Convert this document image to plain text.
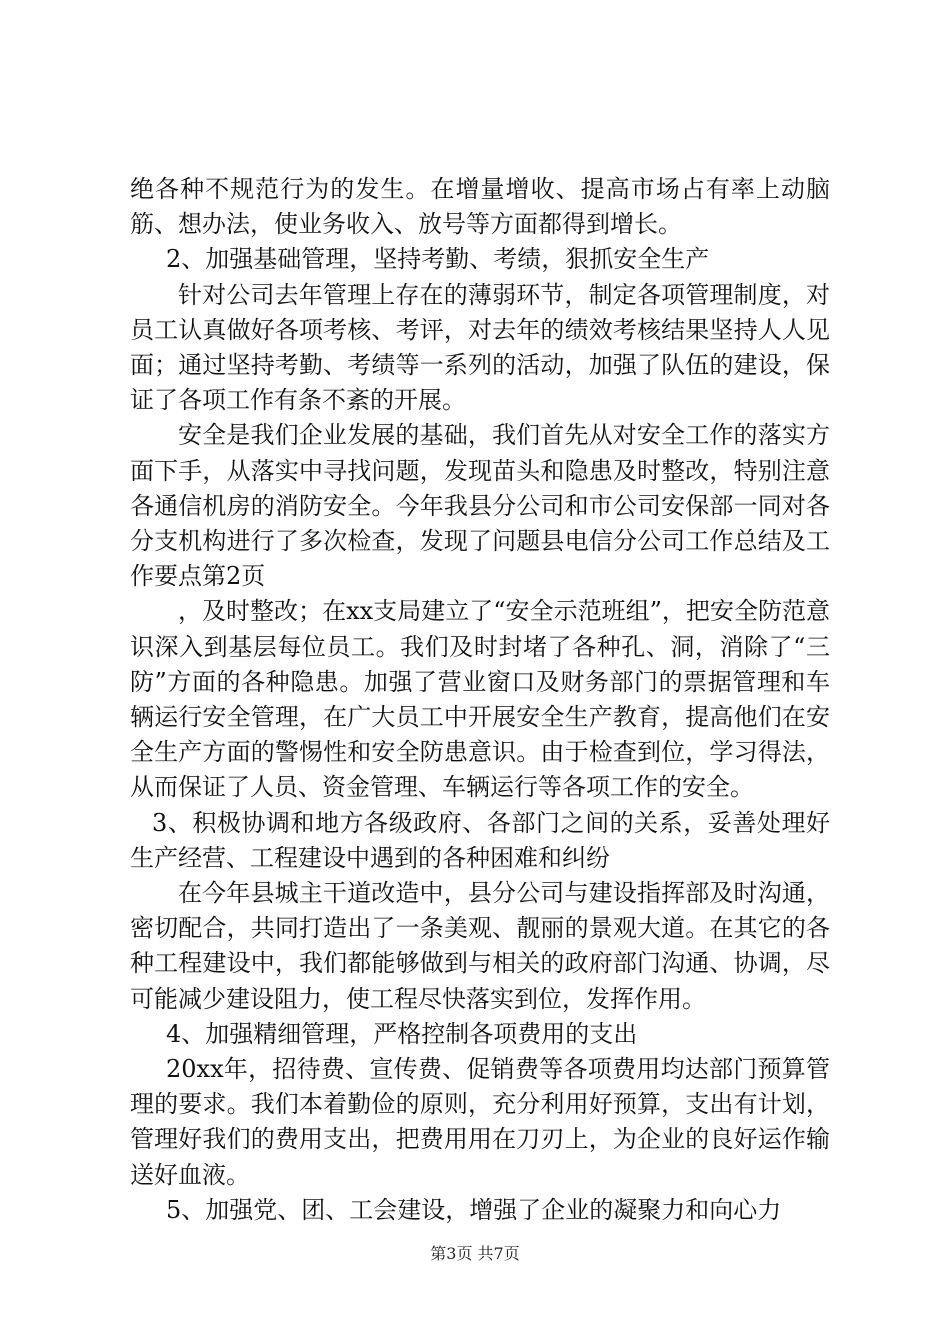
绝各种不规范行为的发生。在增量增收、提高市场占有率上动脑筋、想办法，使业务收入、放号等方面都得到增长。

2、加强基础管理，坚持考勤、考绩，狠抓安全生产

针对公司去年管理上存在的薄弱环节，制定各项管理制度，对员工认真做好各项考核、考评，对去年的绩效考核结果坚持人人见面；通过坚持考勤、考绩等一系列的活动，加强了队伍的建设，保证了各项工作有条不紊的开展。

安全是我们企业发展的基础，我们首先从对安全工作的落实方面下手，从落实中寻找问题，发现苗头和隐患及时整改，特别注意各通信机房的消防安全。今年我县分公司和市公司安保部一同对各分支机构进行了多次检查，发现了问题县电信分公司工作总结及工作要点第2页

，及时整改；在xx支局建立了“安全示范班组”，把安全防范意识深入到基层每位员工。我们及时封堵了各种孔、洞，消除了“三防”方面的各种隐患。加强了营业窗口及财务部门的票据管理和车辆运行安全管理，在广大员工中开展安全生产教育，提高他们在安全生产方面的警惕性和安全防患意识。由于检查到位，学习得法，从而保证了人员、资金管理、车辆运行等各项工作的安全。

3、积极协调和地方各级政府、各部门之间的关系，妥善处理好生产经营、工程建设中遇到的各种困难和纠纷

在今年县城主干道改造中，县分公司与建设指挥部及时沟通，密切配合，共同打造出了一条美观、靓丽的景观大道。在其它的各种工程建设中，我们都能够做到与相关的政府部门沟通、协调，尽可能减少建设阻力，使工程尽快落实到位，发挥作用。

4、加强精细管理，严格控制各项费用的支出

20xx年，招待费、宣传费、促销费等各项费用均达部门预算管理的要求。我们本着勤俭的原则，充分利用好预算，支出有计划，管理好我们的费用支出，把费用用在刀刃上，为企业的良好运作输送好血液。

5、加强党、团、工会建设，增强了企业的凝聚力和向心力

第3页 共7页
